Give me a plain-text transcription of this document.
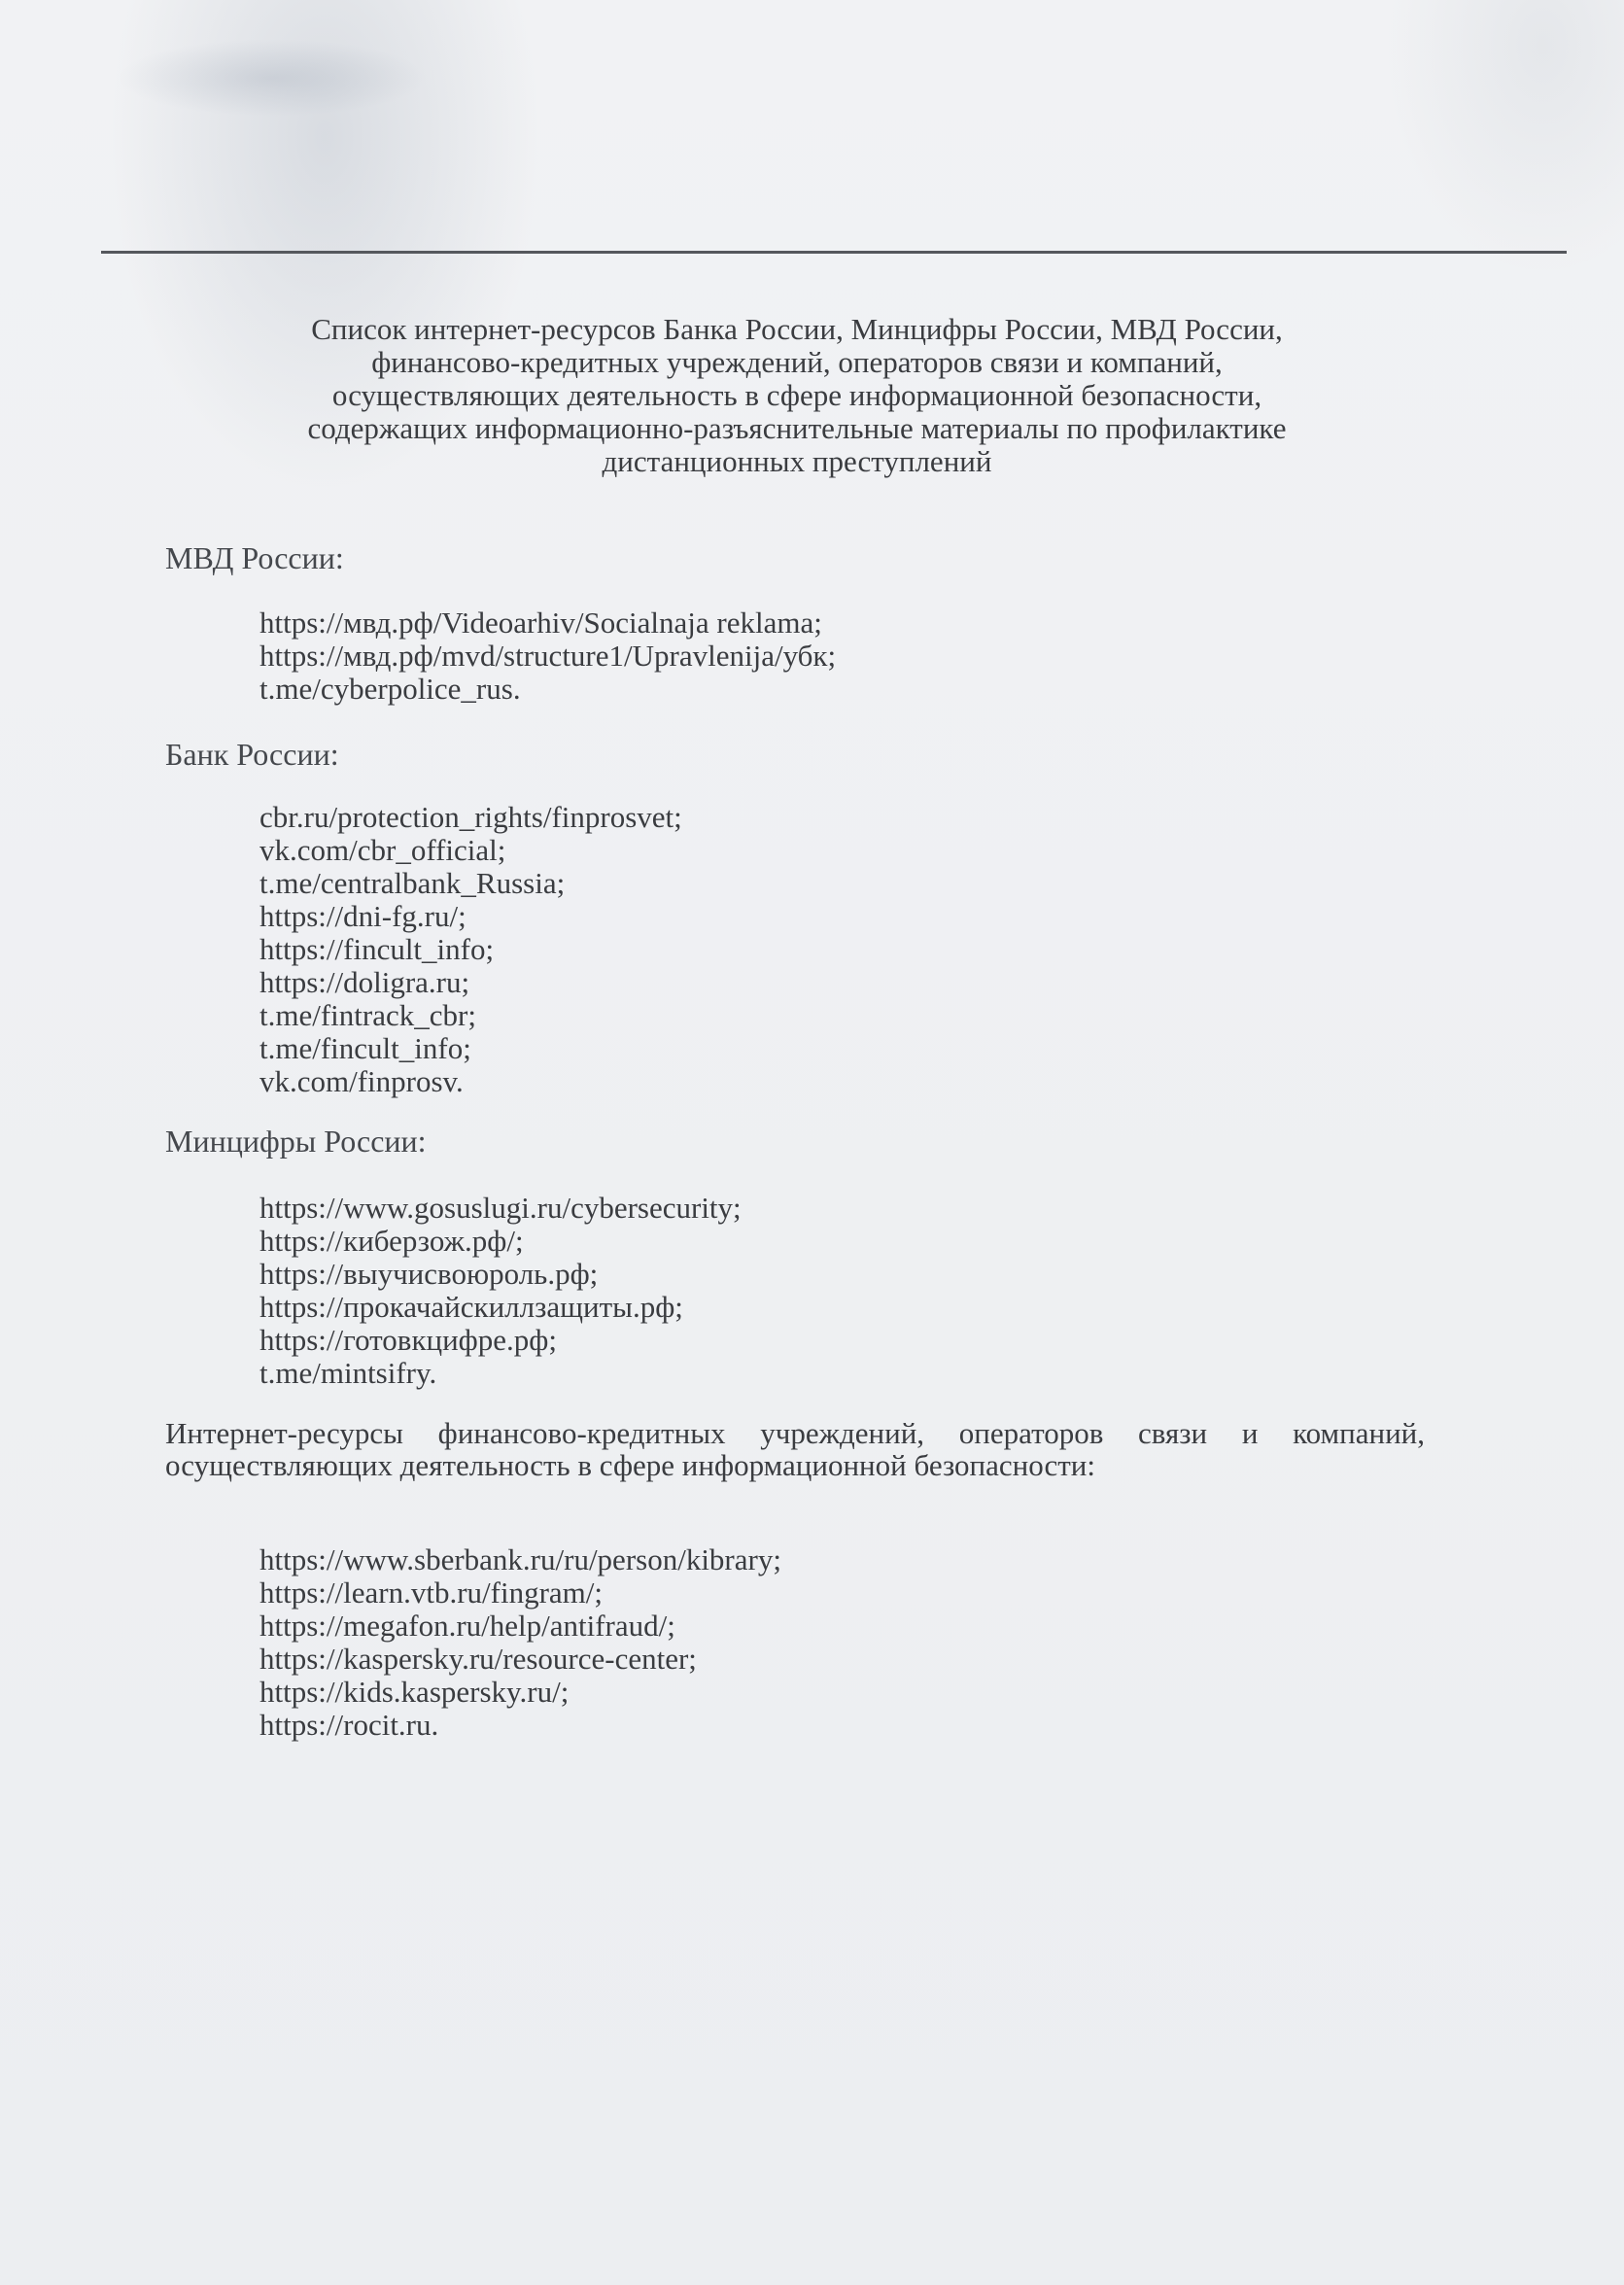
Список интернет-ресурсов Банка России, Минцифры России, МВД России,
финансово-кредитных учреждений, операторов связи и компаний,
осуществляющих деятельность в сфере информационной безопасности,
содержащих информационно-разъяснительные материалы по профилактике
дистанционных преступлений
МВД России:
https://мвд.рф/Videoarhiv/Socialnaja reklama;
https://мвд.рф/mvd/structure1/Upravlenija/убк;
t.me/cyberpolice_rus.
Банк России:
cbr.ru/protection_rights/finprosvet;
vk.com/cbr_official;
t.me/centralbank_Russia;
https://dni-fg.ru/;
https://fincult_info;
https://doligra.ru;
t.me/fintrack_cbr;
t.me/fincult_info;
vk.com/finprosv.
Минцифры России:
https://www.gosuslugi.ru/cybersecurity;
https://киберзож.рф/;
https://выучисвоюроль.рф;
https://прокачайскиллзащиты.рф;
https://готовкцифре.рф;
t.me/mintsifry.
Интернет-ресурсы финансово-кредитных учреждений, операторов связи и компаний, осуществляющих деятельность в сфере информационной безопасности:
https://www.sberbank.ru/ru/person/kibrary;
https://learn.vtb.ru/fingram/;
https://megafon.ru/help/antifraud/;
https://kaspersky.ru/resource-center;
https://kids.kaspersky.ru/;
https://rocit.ru.
